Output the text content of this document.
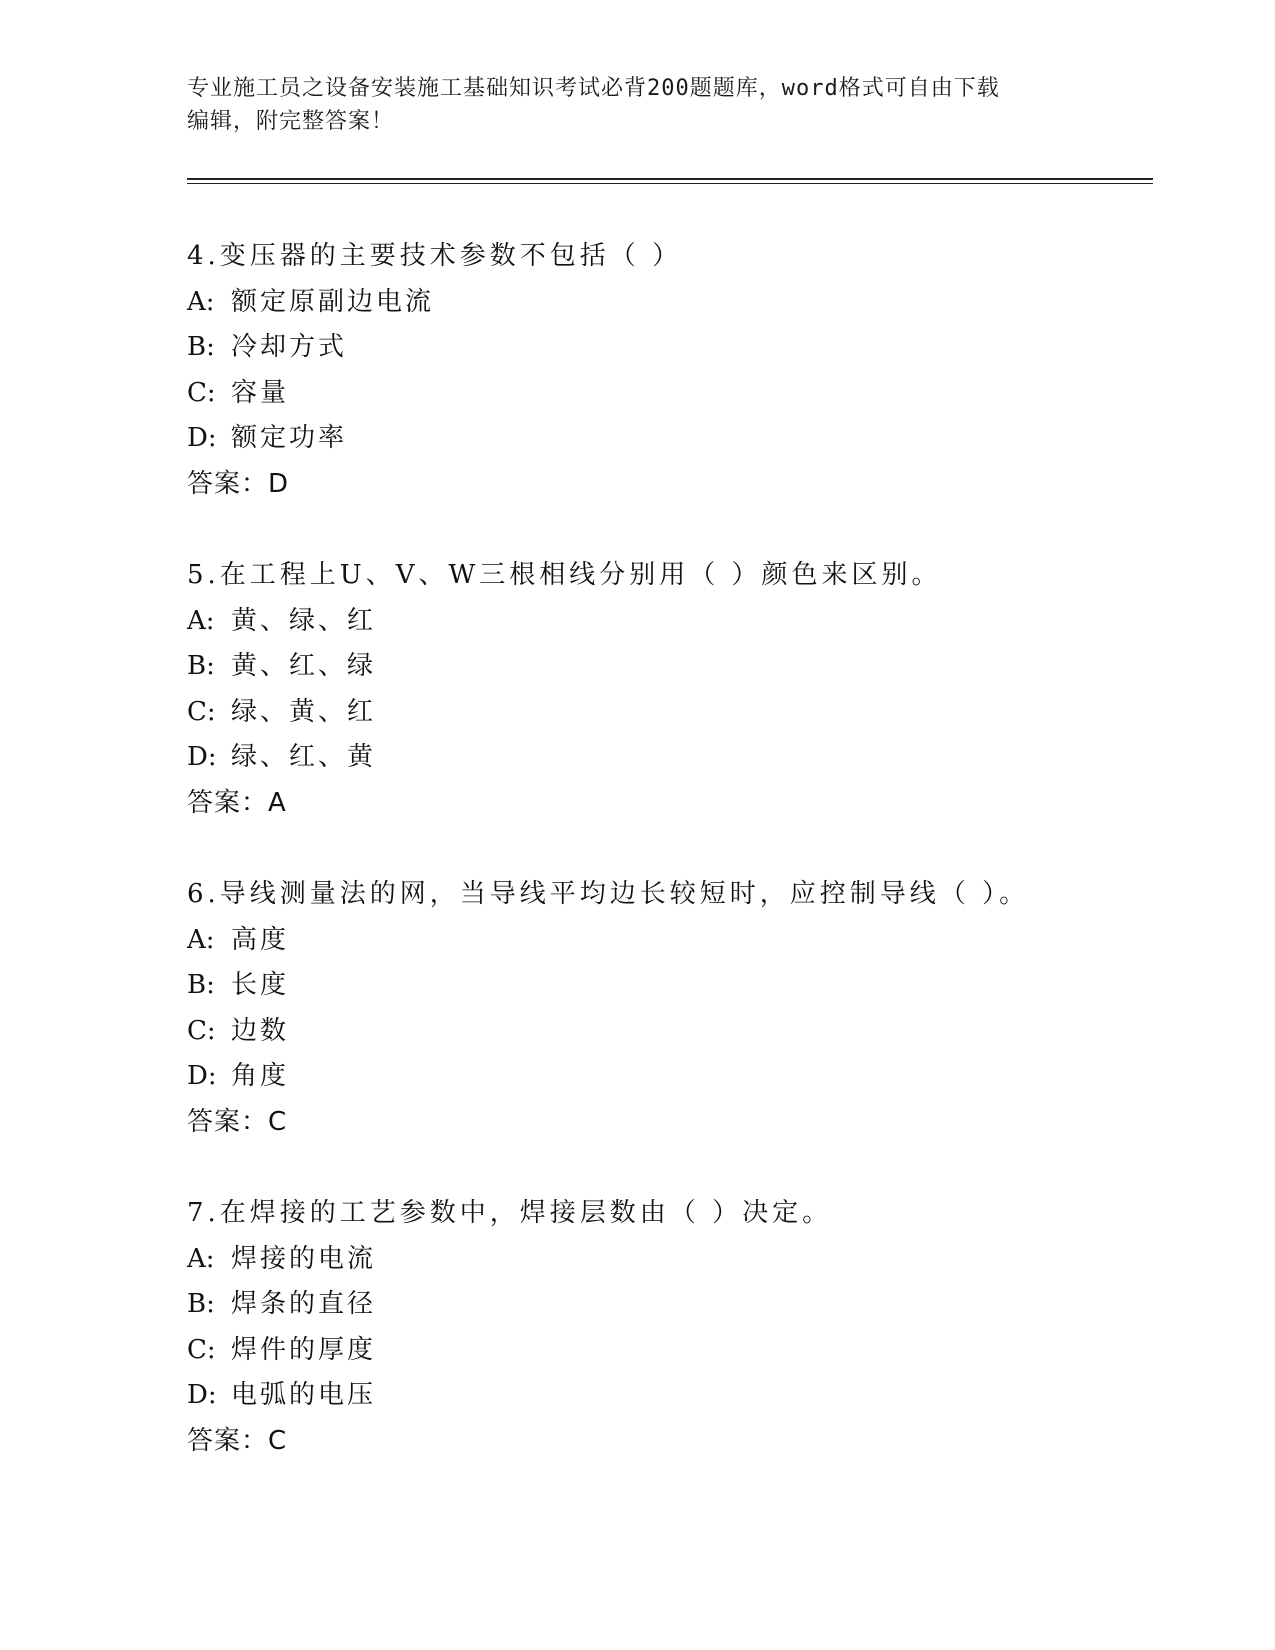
专业施工员之设备安装施工基础知识考试必背200题题库，word格式可自由下载
编辑，附完整答案！
4.变压器的主要技术参数不包括（ ）
A: 额定原副边电流
B: 冷却方式
C: 容量
D: 额定功率
答案：D
5.在工程上U、V、W三根相线分别用（ ）颜色来区别。
A: 黄、绿、红
B: 黄、红、绿
C: 绿、黄、红
D: 绿、红、黄
答案：A
6.导线测量法的网，当导线平均边长较短时，应控制导线（ ）。
A: 高度
B: 长度
C: 边数
D: 角度
答案：C
7.在焊接的工艺参数中，焊接层数由（ ）决定。
A: 焊接的电流
B: 焊条的直径
C: 焊件的厚度
D: 电弧的电压
答案：C
